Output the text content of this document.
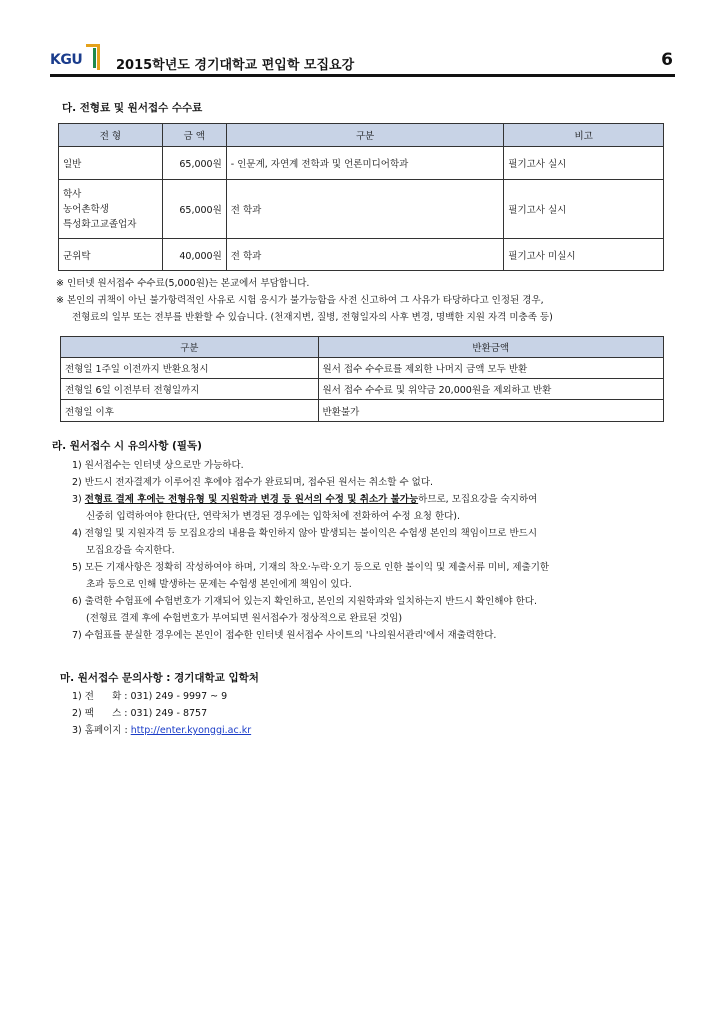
KGU	2015학년도 경기대학교 편입학 모집요강	6
다. 전형료 및 원서접수 수수료
전 형	금 액	구분	비고
일반	65,000원	- 인문계, 자연계 전학과 및 언론미디어학과	필기고사 실시
학사
농어촌학생
특성화고교졸업자	65,000원	전 학과	필기고사 실시
군위탁	40,000원	전 학과	필기고사 미실시
※ 인터넷 원서접수 수수료(5,000원)는 본교에서 부담합니다.
※ 본인의 귀책이 아닌 불가항력적인 사유로 시험 응시가 불가능함을 사전 신고하여 그 사유가 타당하다고 인정된 경우,
전형료의 일부 또는 전부를 반환할 수 있습니다. (천재지변, 질병, 전형일자의 사후 변경, 명백한 지원 자격 미충족 등)
구분	반환금액
전형일 1주일 이전까지 반환요청시	원서 접수 수수료를 제외한 나머지 금액 모두 반환
전형일 6일 이전부터 전형일까지	원서 접수 수수료 및 위약금 20,000원을 제외하고 반환
전형일 이후	반환불가
라. 원서접수 시 유의사항 (필독)
1) 원서접수는 인터넷 상으로만 가능하다.
2) 반드시 전자결제가 이루어진 후에야 접수가 완료되며, 접수된 원서는 취소할 수 없다.
3) 전형료 결제 후에는 전형유형 및 지원학과 변경 등 원서의 수정 및 취소가 불가능하므로, 모집요강을 숙지하여
신중히 입력하여야 한다(단, 연락처가 변경된 경우에는 입학처에 전화하여 수정 요청 한다).
4) 전형일 및 지원자격 등 모집요강의 내용을 확인하지 않아 발생되는 불이익은 수험생 본인의 책임이므로 반드시
모집요강을 숙지한다.
5) 모든 기재사항은 정확히 작성하여야 하며, 기재의 착오·누락·오기 등으로 인한 불이익 및 제출서류 미비, 제출기한
초과 등으로 인해 발생하는 문제는 수험생 본인에게 책임이 있다.
6) 출력한 수험표에 수험번호가 기재되어 있는지 확인하고, 본인의 지원학과와 일치하는지 반드시 확인해야 한다.
(전형료 결제 후에 수험번호가 부여되면 원서접수가 정상적으로 완료된 것임)
7) 수험표를 분실한 경우에는 본인이 접수한 인터넷 원서접수 사이트의 '나의원서관리'에서 재출력한다.
마. 원서접수 문의사항 : 경기대학교 입학처
1) 전      화 : 031) 249 - 9997 ~ 9
2) 팩      스 : 031) 249 - 8757
3) 홈페이지 : http://enter.kyonggi.ac.kr
